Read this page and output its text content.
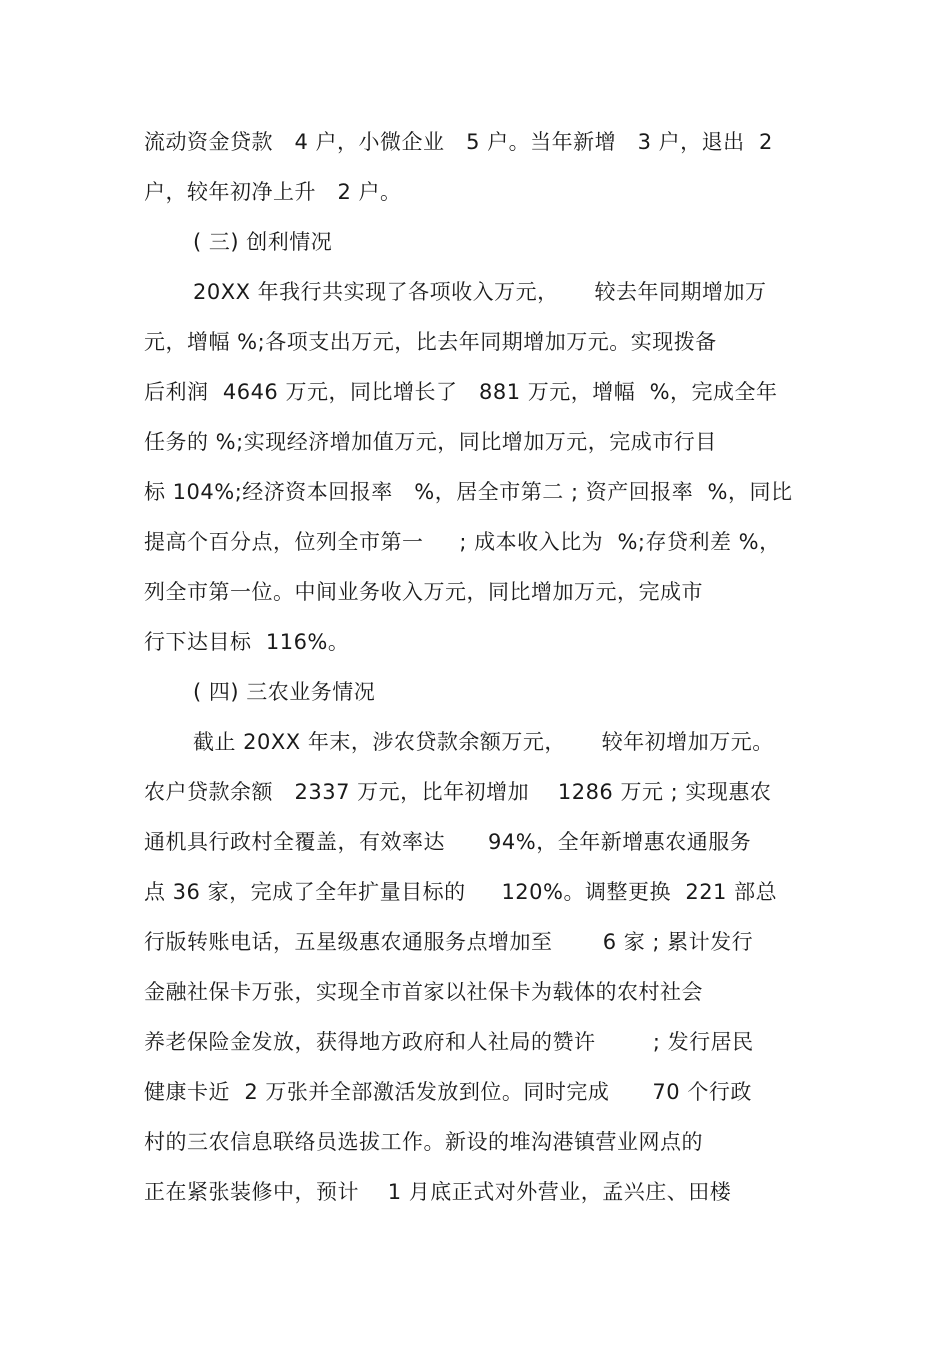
流动资金贷款   4 户，小微企业   5 户。当年新增   3 户，退出  2
户，较年初净上升   2 户。
( 三) 创利情况
20XX 年我行共实现了各项收入万元，     较去年同期增加万
元，增幅 %;各项支出万元，比去年同期增加万元。实现拨备
后利润  4646 万元，同比增长了   881 万元，增幅  %，完成全年
任务的 %;实现经济增加值万元，同比增加万元，完成市行目
标 104%;经济资本回报率   %，居全市第二 ; 资产回报率  %，同比
提高个百分点，位列全市第一     ; 成本收入比为  %;存贷利差 %，
列全市第一位。中间业务收入万元，同比增加万元，完成市
行下达目标  116%。
( 四) 三农业务情况
截止 20XX 年末，涉农贷款余额万元，     较年初增加万元。
农户贷款余额   2337 万元，比年初增加    1286 万元 ; 实现惠农
通机具行政村全覆盖，有效率达      94%，全年新增惠农通服务
点 36 家，完成了全年扩量目标的     120%。调整更换  221 部总
行版转账电话，五星级惠农通服务点增加至       6 家 ; 累计发行
金融社保卡万张，实现全市首家以社保卡为载体的农村社会
养老保险金发放，获得地方政府和人社局的赞许        ; 发行居民
健康卡近  2 万张并全部激活发放到位。同时完成      70 个行政
村的三农信息联络员选拔工作。新设的堆沟港镇营业网点的
正在紧张装修中，预计    1 月底正式对外营业，孟兴庄、田楼
